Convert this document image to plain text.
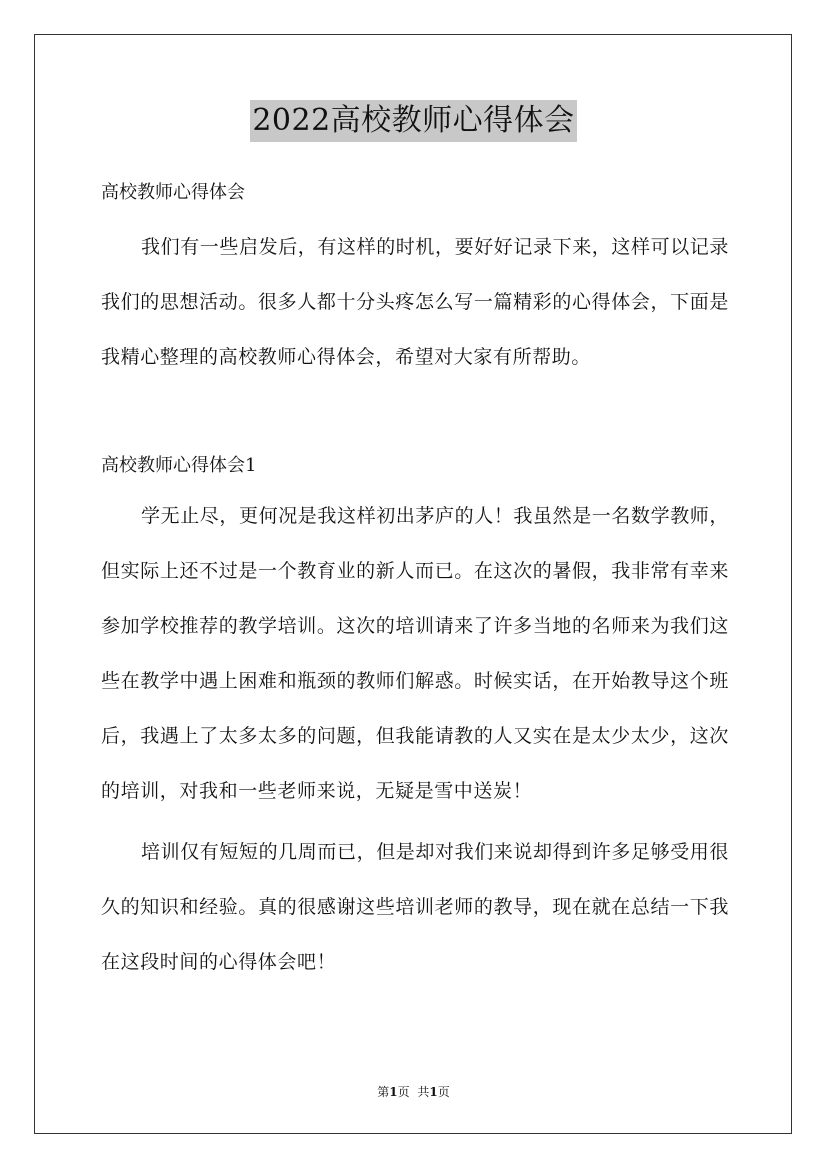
2022高校教师心得体会

高校教师心得体会

我们有一些启发后，有这样的时机，要好好记录下来，这样可以记录我们的思想活动。很多人都十分头疼怎么写一篇精彩的心得体会，下面是我精心整理的高校教师心得体会，希望对大家有所帮助。

高校教师心得体会1

学无止尽，更何况是我这样初出茅庐的人！我虽然是一名数学教师，但实际上还不过是一个教育业的新人而已。在这次的暑假，我非常有幸来参加学校推荐的教学培训。这次的培训请来了许多当地的名师来为我们这些在教学中遇上困难和瓶颈的教师们解惑。时候实话，在开始教导这个班后，我遇上了太多太多的问题，但我能请教的人又实在是太少太少，这次的培训，对我和一些老师来说，无疑是雪中送炭！

培训仅有短短的几周而已，但是却对我们来说却得到许多足够受用很久的知识和经验。真的很感谢这些培训老师的教导，现在就在总结一下我在这段时间的心得体会吧！

第1页 共1页
